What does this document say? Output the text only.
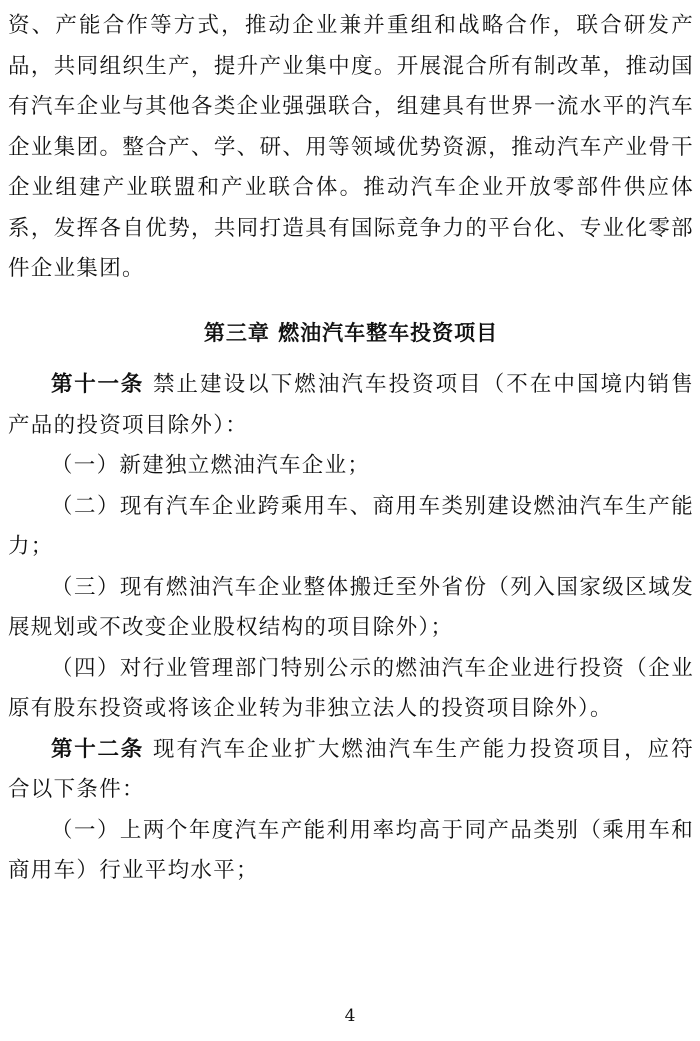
资、产能合作等方式，推动企业兼并重组和战略合作，联合研发产品，共同组织生产，提升产业集中度。开展混合所有制改革，推动国有汽车企业与其他各类企业强强联合，组建具有世界一流水平的汽车企业集团。整合产、学、研、用等领域优势资源，推动汽车产业骨干企业组建产业联盟和产业联合体。推动汽车企业开放零部件供应体系，发挥各自优势，共同打造具有国际竞争力的平台化、专业化零部件企业集团。

第三章 燃油汽车整车投资项目

第十一条 禁止建设以下燃油汽车投资项目（不在中国境内销售产品的投资项目除外）：

（一）新建独立燃油汽车企业；

（二）现有汽车企业跨乘用车、商用车类别建设燃油汽车生产能力；

（三）现有燃油汽车企业整体搬迁至外省份（列入国家级区域发展规划或不改变企业股权结构的项目除外）；

（四）对行业管理部门特别公示的燃油汽车企业进行投资（企业原有股东投资或将该企业转为非独立法人的投资项目除外）。

第十二条 现有汽车企业扩大燃油汽车生产能力投资项目，应符合以下条件：

（一）上两个年度汽车产能利用率均高于同产品类别（乘用车和商用车）行业平均水平；

4
